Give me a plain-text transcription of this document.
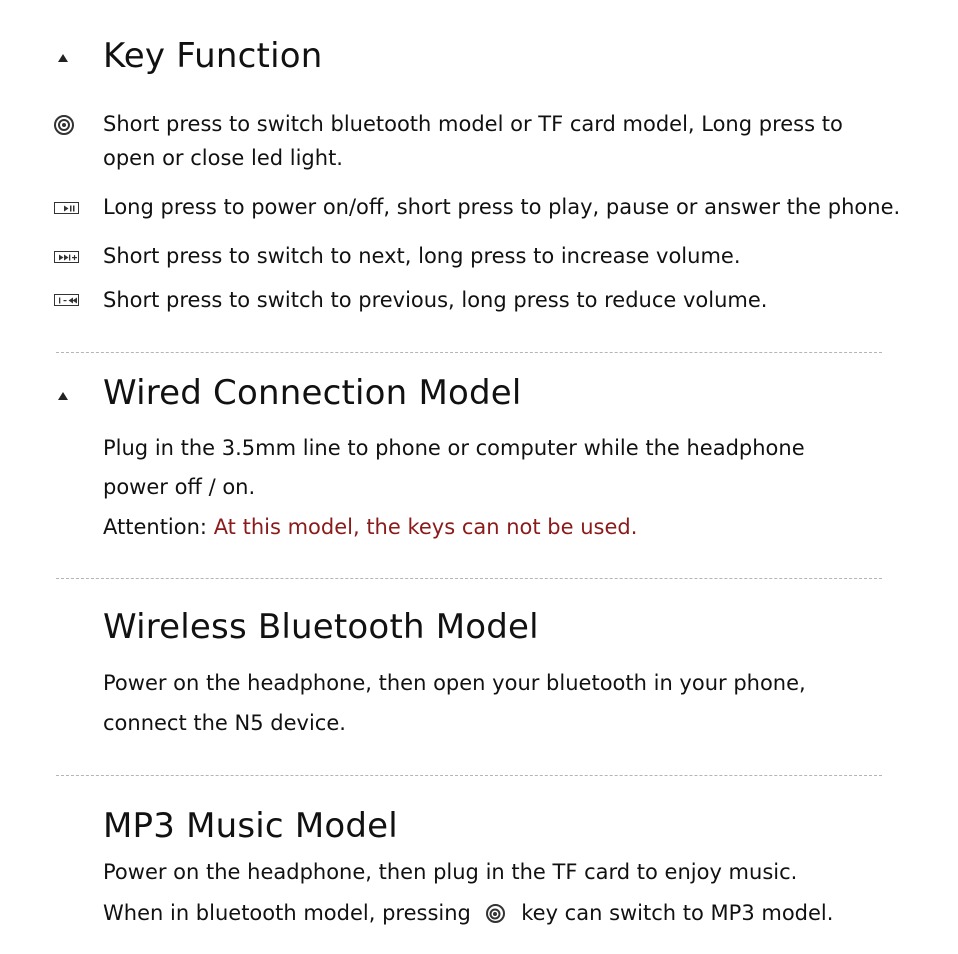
Key Function
Short press to switch bluetooth model or TF card model, Long press to
open or close led light.
Long press to power on/off, short press to play, pause or answer the phone.
Short press to switch to next, long press to increase volume.
Short press to switch to previous, long press to reduce volume.
Wired Connection Model
Plug in the 3.5mm line to phone or computer while the headphone
power off / on.
Attention: At this model, the keys can not be used.
Wireless Bluetooth Model
Power on the headphone, then open your bluetooth in your phone,
connect the N5 device.
MP3 Music Model
Power on the headphone, then plug in the TF card to enjoy music.
When in bluetooth model, pressing key can switch to MP3 model.
